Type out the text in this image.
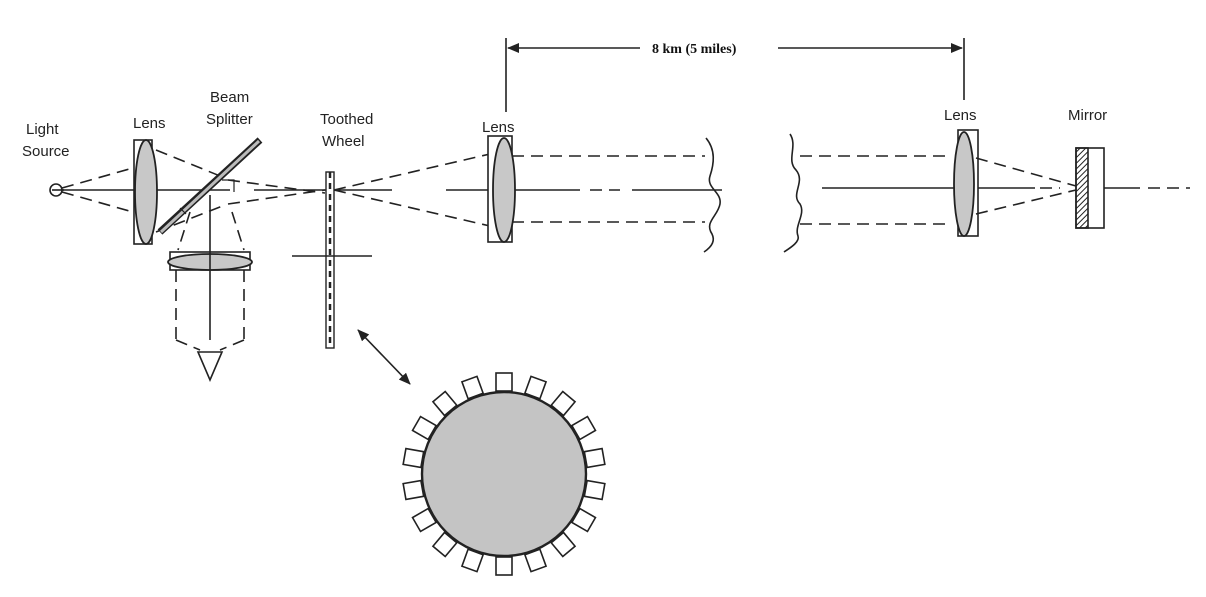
Light
Source
Lens
Beam
Splitter	Toothed
Wheel
Lens
Lens	Mirror
8 km (5 miles)
